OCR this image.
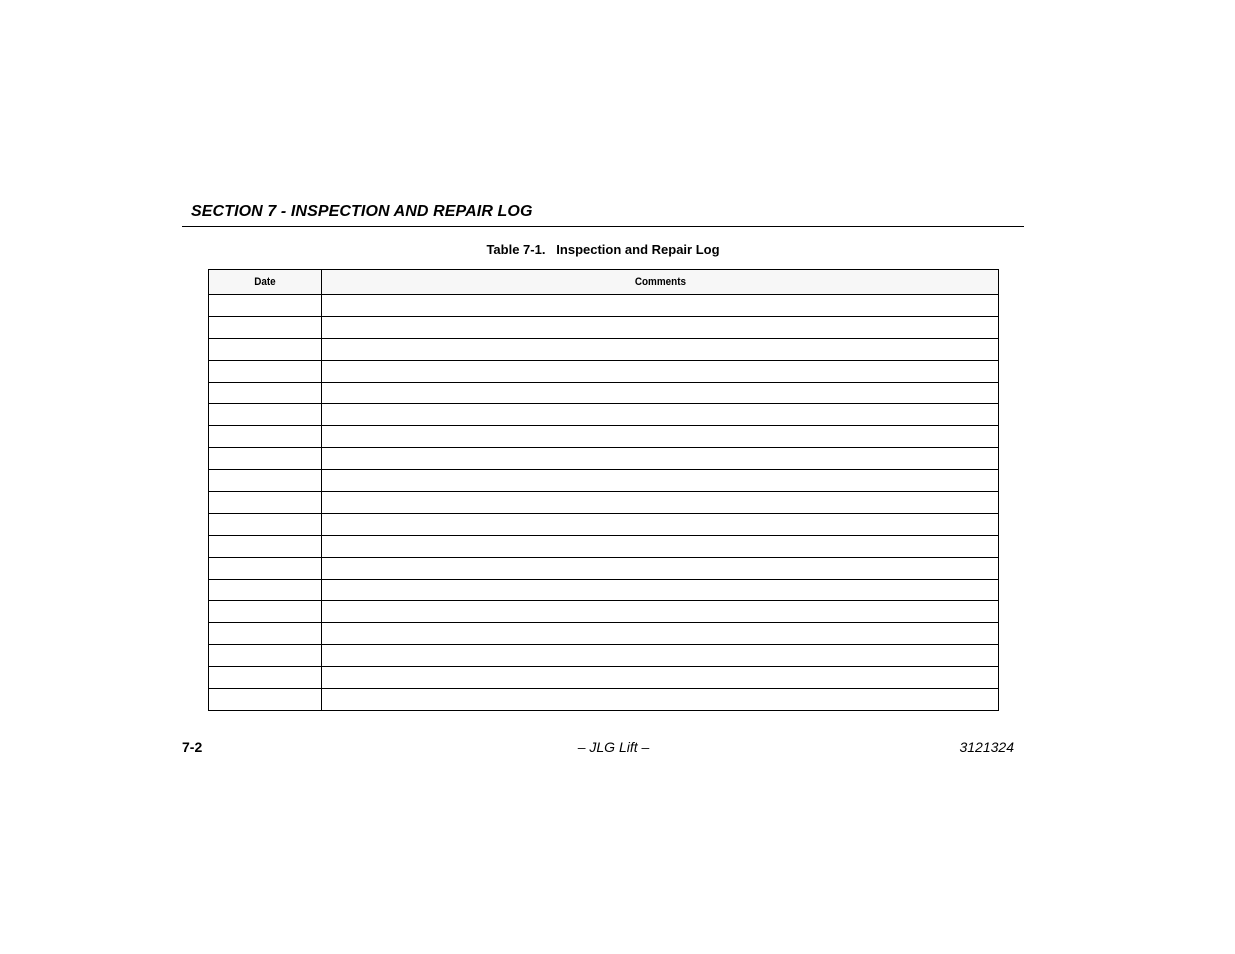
SECTION 7 - INSPECTION AND REPAIR LOG
Table 7-1.   Inspection and Repair Log
Date	Comments

7-2	– JLG Lift –	3121324
